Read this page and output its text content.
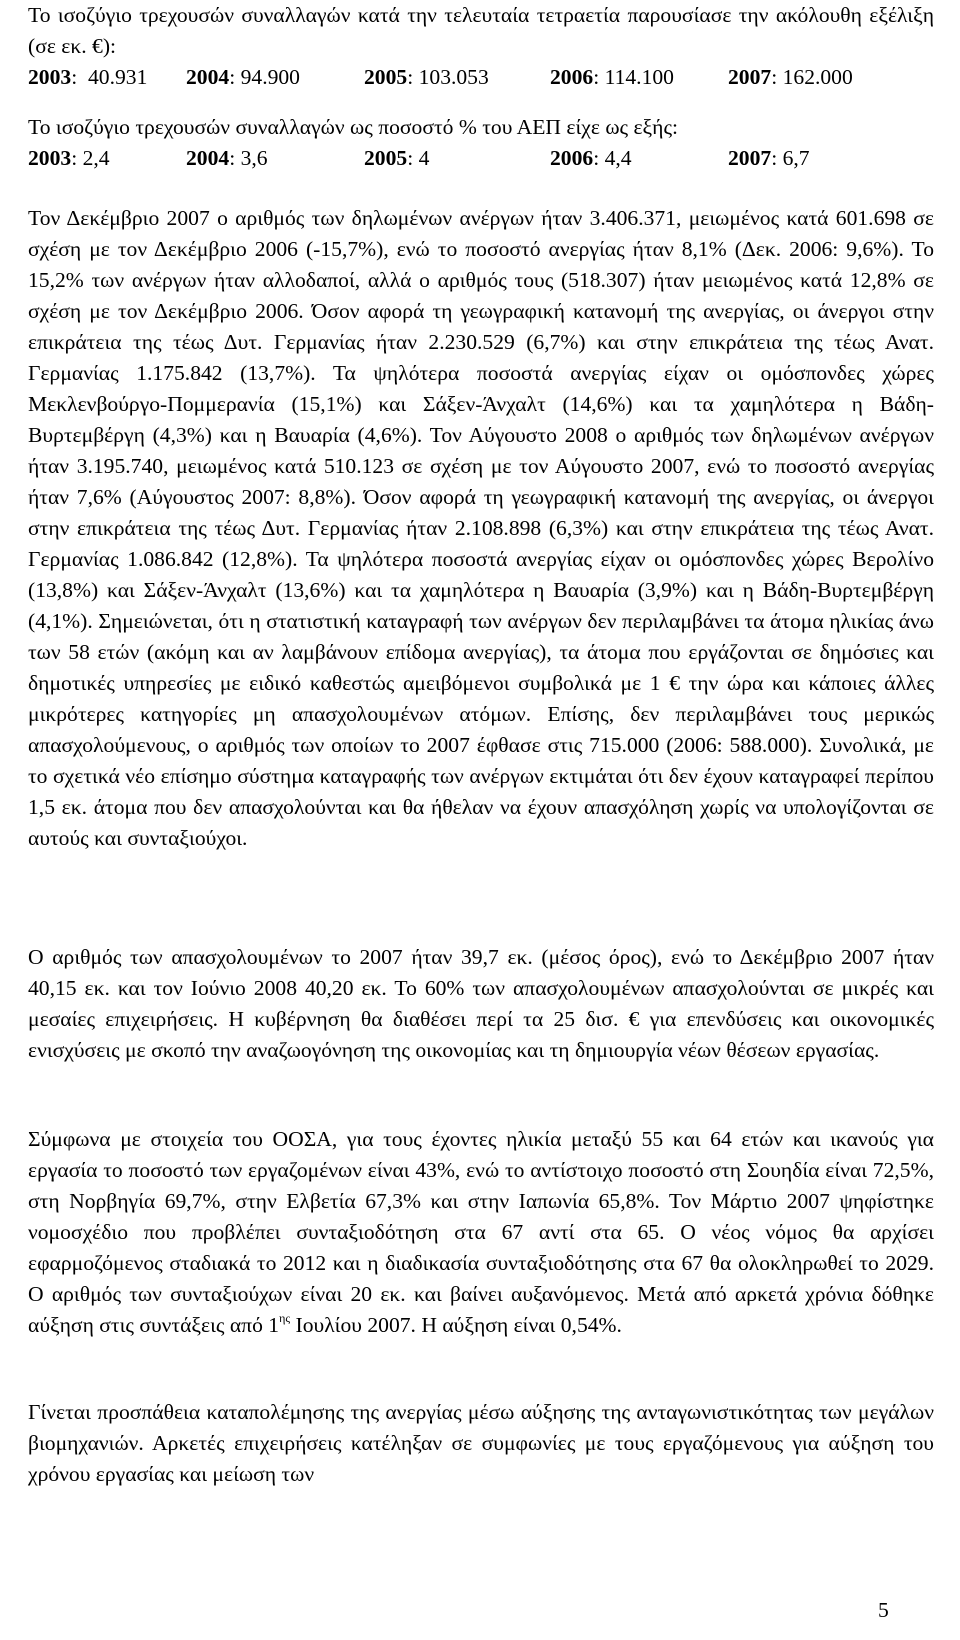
Το ισοζύγιο τρεχουσών συναλλαγών κατά την τελευταία τετραετία παρουσίασε την ακόλουθη εξέλιξη (σε εκ. €):
2003:  40.931 2004: 94.900	2005: 103.053	2006: 114.100	2007: 162.000
Το ισοζύγιο τρεχουσών συναλλαγών ως ποσοστό % του ΑΕΠ είχε ως εξής:
2003: 2,4	2004: 3,6	2005: 4	2006: 4,4	2007: 6,7
Τον Δεκέμβριο 2007 ο αριθμός των δηλωμένων ανέργων ήταν 3.406.371, μειωμένος κατά 601.698 σε σχέση με τον Δεκέμβριο 2006 (-15,7%), ενώ το ποσοστό ανεργίας ήταν 8,1% (Δεκ. 2006: 9,6%). Το 15,2% των ανέργων ήταν αλλοδαποί, αλλά ο αριθμός τους (518.307) ήταν μειωμένος κατά 12,8% σε σχέση με τον Δεκέμβριο 2006. Όσον αφορά τη γεωγραφική κατανομή της ανεργίας, οι άνεργοι στην επικράτεια της τέως Δυτ. Γερμανίας ήταν 2.230.529 (6,7%) και στην επικράτεια της τέως Ανατ. Γερμανίας 1.175.842 (13,7%). Τα ψηλότερα ποσοστά ανεργίας είχαν οι ομόσπονδες χώρες Μεκλενβούργο-Πομμερανία (15,1%) και Σάξεν-Άνχαλτ (14,6%) και τα χαμηλότερα η Βάδη-Βυρτεμβέργη (4,3%) και η Βαυαρία (4,6%). Τον Αύγουστο 2008 ο αριθμός των δηλωμένων ανέργων ήταν 3.195.740, μειωμένος κατά 510.123 σε σχέση με τον Αύγουστο 2007, ενώ το ποσοστό ανεργίας ήταν 7,6% (Αύγουστος 2007: 8,8%). Όσον αφορά τη γεωγραφική κατανομή της ανεργίας, οι άνεργοι στην επικράτεια της τέως Δυτ. Γερμανίας ήταν 2.108.898 (6,3%) και στην επικράτεια της τέως Ανατ. Γερμανίας 1.086.842 (12,8%). Τα ψηλότερα ποσοστά ανεργίας είχαν οι ομόσπονδες χώρες Βερολίνο (13,8%) και Σάξεν-Άνχαλτ (13,6%) και τα χαμηλότερα η Βαυαρία (3,9%) και η Βάδη-Βυρτεμβέργη (4,1%). Σημειώνεται, ότι η στατιστική καταγραφή των ανέργων δεν περιλαμβάνει τα άτομα ηλικίας άνω των 58 ετών (ακόμη και αν λαμβάνουν επίδομα ανεργίας), τα άτομα που εργάζονται σε δημόσιες και δημοτικές υπηρεσίες με ειδικό καθεστώς αμειβόμενοι συμβολικά με 1 € την ώρα και κάποιες άλλες μικρότερες κατηγορίες μη απασχολουμένων ατόμων. Επίσης, δεν περιλαμβάνει τους μερικώς απασχολούμενους, ο αριθμός των οποίων το 2007 έφθασε στις 715.000 (2006: 588.000). Συνολικά, με το σχετικά νέο επίσημο σύστημα καταγραφής των ανέργων εκτιμάται ότι δεν έχουν καταγραφεί περίπου 1,5 εκ. άτομα που δεν απασχολούνται και θα ήθελαν να έχουν απασχόληση χωρίς να υπολογίζονται σε αυτούς και συνταξιούχοι.
Ο αριθμός των απασχολουμένων το 2007 ήταν 39,7 εκ. (μέσος όρος), ενώ το Δεκέμβριο 2007 ήταν 40,15 εκ. και τον Ιούνιο 2008 40,20 εκ. Το 60% των απασχολουμένων απασχολούνται σε μικρές και μεσαίες επιχειρήσεις. Η κυβέρνηση θα διαθέσει περί τα 25 δισ. € για επενδύσεις και οικονομικές ενισχύσεις με σκοπό την αναζωογόνηση της οικονομίας και τη δημιουργία νέων θέσεων εργασίας.
Σύμφωνα με στοιχεία του ΟΟΣΑ, για τους έχοντες ηλικία μεταξύ 55 και 64 ετών και ικανούς για εργασία το ποσοστό των εργαζομένων είναι 43%, ενώ το αντίστοιχο ποσοστό στη Σουηδία είναι 72,5%, στη Νορβηγία 69,7%, στην Ελβετία 67,3% και στην Ιαπωνία 65,8%. Τον Μάρτιο 2007 ψηφίστηκε νομοσχέδιο που προβλέπει συνταξιοδότηση στα 67 αντί στα 65. Ο νέος νόμος θα αρχίσει εφαρμοζόμενος σταδιακά το 2012 και η διαδικασία συνταξιοδότησης στα 67 θα ολοκληρωθεί το 2029. Ο αριθμός των συνταξιούχων είναι 20 εκ. και βαίνει αυξανόμενος. Μετά από αρκετά χρόνια δόθηκε αύξηση στις συντάξεις από $1^{\eta\varsigma}$ Ιουλίου 2007. Η αύξηση είναι 0,54%.
Γίνεται προσπάθεια καταπολέμησης της ανεργίας μέσω αύξησης της ανταγωνιστικότητας των μεγάλων βιομηχανιών. Αρκετές επιχειρήσεις κατέληξαν σε συμφωνίες με τους εργαζόμενους για αύξηση του χρόνου εργασίας και μείωση των
5
